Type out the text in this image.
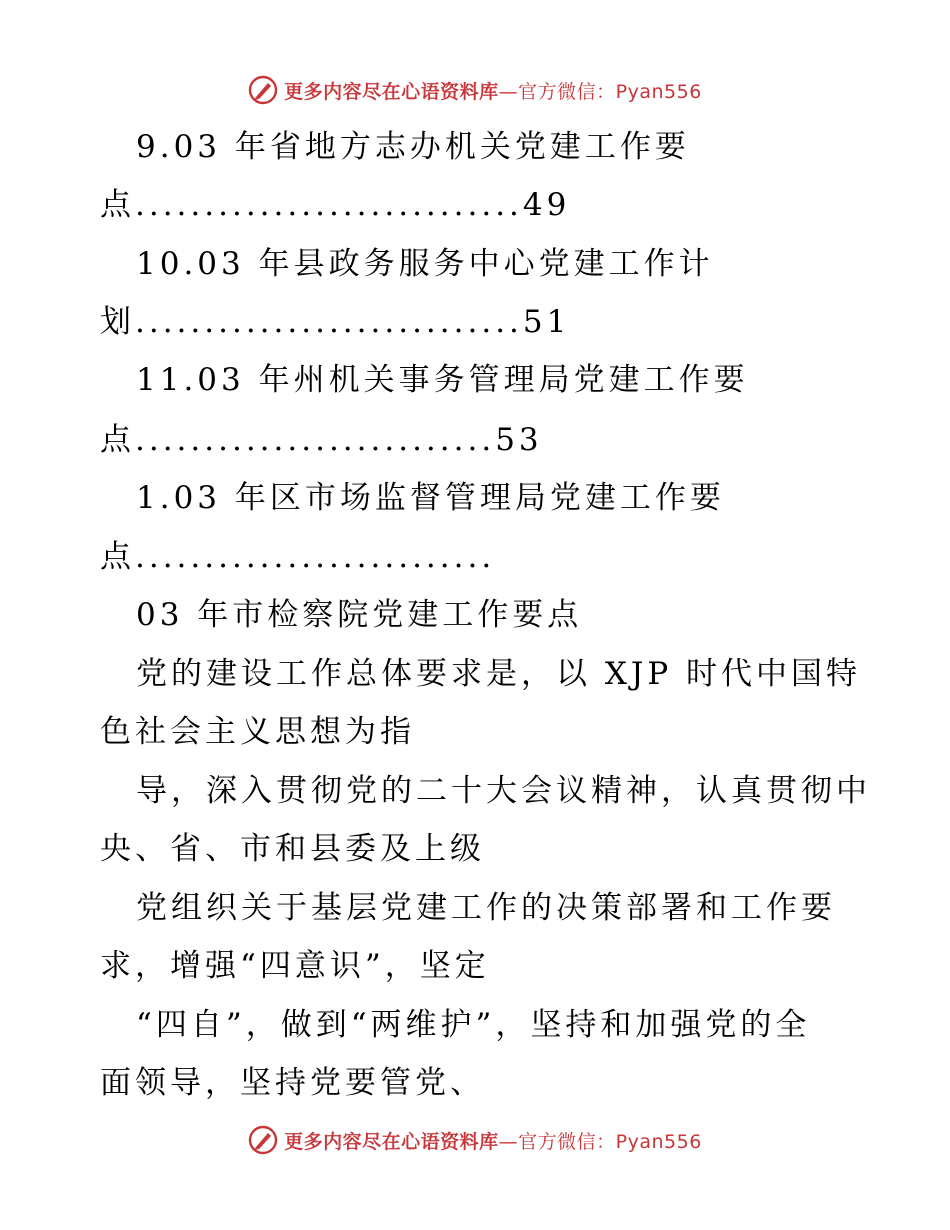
更多内容尽在心语资料库—官方微信：Pyan556
9.03 年省地方志办机关党建工作要
点............................49
10.03 年县政务服务中心党建工作计
划............................51
11.03 年州机关事务管理局党建工作要
点..........................53
1.03 年区市场监督管理局党建工作要
点..........................
03 年市检察院党建工作要点
党的建设工作总体要求是，以 XJP 时代中国特
色社会主义思想为指
导，深入贯彻党的二十大会议精神，认真贯彻中
央、省、市和县委及上级
党组织关于基层党建工作的决策部署和工作要
求，增强“四意识”，坚定
“四自”，做到“两维护”，坚持和加强党的全
面领导，坚持党要管党、
更多内容尽在心语资料库—官方微信：Pyan556
